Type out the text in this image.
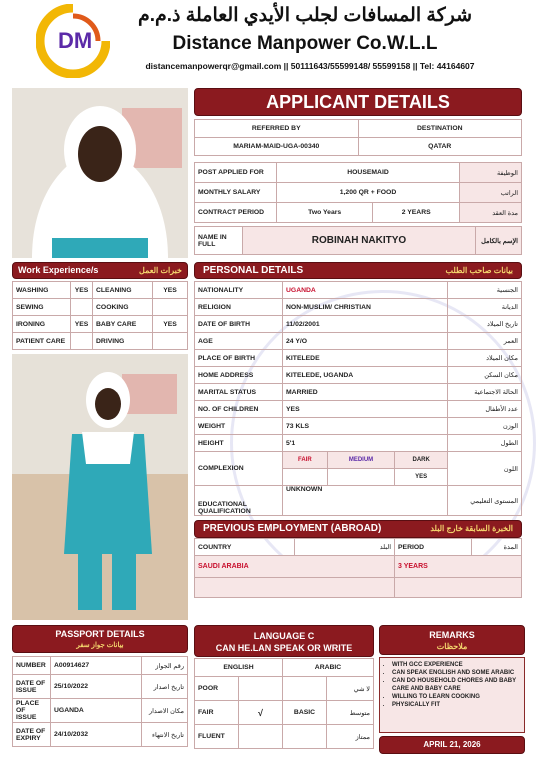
DM
شركة المسافات لجلب الأيدي العاملة ذ.م.م
Distance Manpower Co.W.L.L
distancemanpowerqr@gmail.com || 50111643/55599148/ 55599158 || Tel: 44164607
APPLICANT DETAILS
REFERRED BY	DESTINATION
MARIAM-MAID-UGA-00340	QATAR
POST APPLIED FOR	HOUSEMAID		الوظيفة
MONTHLY SALARY	1,200 QR + FOOD		الراتب
CONTRACT PERIOD	Two Years	2 YEARS	مدة العقد
NAME IN FULL	ROBINAH NAKITYO	الإسم بالكامل
Work Experience/s	خبرات العمل
WASHING	YES	CLEANING	YES
SEWING		COOKING	
IRONING	YES	BABY CARE	YES
PATIENT CARE		DRIVING	
PERSONAL DETAILS	بيانات صاحب الطلب
NATIONALITY	UGANDA			الجنسية
RELIGION	NON-MUSLIM/ CHRISTIAN			الديانة
DATE OF BIRTH	11/02/2001			تاريخ الميلاد
AGE	24 Y/O			العمر
PLACE OF BIRTH	KITELEDE			مكان الميلاد
HOME ADDRESS	KITELEDE, UGANDA			مكان السكن
MARITAL STATUS	MARRIED			الحالة الاجتماعية
NO. OF CHILDREN	YES			عدد الأطفال
WEIGHT	73 KLS			الوزن
HEIGHT	5'1			الطول
COMPLEXION	FAIR	MEDIUM	DARK	اللون
			YES	
EDUCATIONAL QUALIFICATION	UNKNOWN			المستوى التعليمي
PREVIOUS EMPLOYMENT (ABROAD)	الخبرة السابقة خارج البلد
COUNTRY	البلد	PERIOD	المدة
SAUDI ARABIA		3 YEARS	

PASSPORT DETAILS
بيانات جواز سفر
NUMBER	A00914627	رقم الجواز
DATE OF ISSUE	25/10/2022	تاريخ اصدار
PLACE OF ISSUE	UGANDA	مكان الاصدار
DATE OF EXPIRY	24/10/2032	تاريخ الانتهاء
LANGUAGE C
CAN HE.LAN SPEAK OR WRITE
ENGLISH		ARABIC	
POOR			لا شي
FAIR	√	BASIC	متوسط
FLUENT			ممتاز
REMARKS
ملاحظات
• WITH GCC EXPERIENCE
• CAN SPEAK ENGLISH AND SOME ARABIC
• CAN DO HOUSEHOLD CHORES AND BABY CARE AND BABY CARE
• WILLING TO LEARN COOKING
• PHYSICALLY FIT
APRIL 21, 2026
